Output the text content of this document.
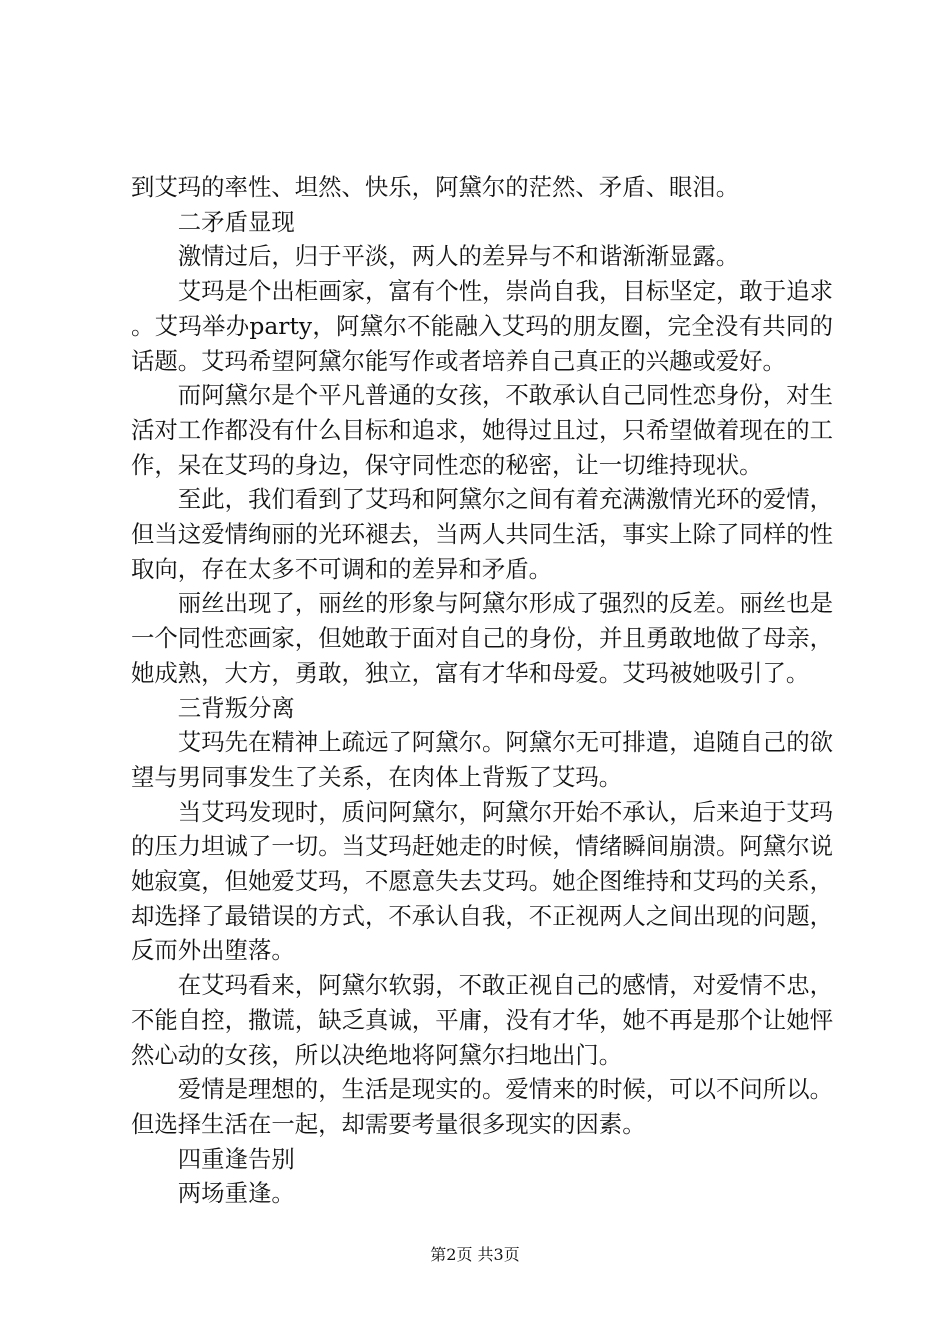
到艾玛的率性、坦然、快乐，阿黛尔的茫然、矛盾、眼泪。

二矛盾显现

激情过后，归于平淡，两人的差异与不和谐渐渐显露。

艾玛是个出柜画家，富有个性，崇尚自我，目标坚定，敢于追求。艾玛举办party，阿黛尔不能融入艾玛的朋友圈，完全没有共同的话题。艾玛希望阿黛尔能写作或者培养自己真正的兴趣或爱好。

而阿黛尔是个平凡普通的女孩，不敢承认自己同性恋身份，对生活对工作都没有什么目标和追求，她得过且过，只希望做着现在的工作，呆在艾玛的身边，保守同性恋的秘密，让一切维持现状。

至此，我们看到了艾玛和阿黛尔之间有着充满激情光环的爱情，但当这爱情绚丽的光环褪去，当两人共同生活，事实上除了同样的性取向，存在太多不可调和的差异和矛盾。

丽丝出现了，丽丝的形象与阿黛尔形成了强烈的反差。丽丝也是一个同性恋画家，但她敢于面对自己的身份，并且勇敢地做了母亲，她成熟，大方，勇敢，独立，富有才华和母爱。艾玛被她吸引了。

三背叛分离

艾玛先在精神上疏远了阿黛尔。阿黛尔无可排遣，追随自己的欲望与男同事发生了关系，在肉体上背叛了艾玛。

当艾玛发现时，质问阿黛尔，阿黛尔开始不承认，后来迫于艾玛的压力坦诚了一切。当艾玛赶她走的时候，情绪瞬间崩溃。阿黛尔说她寂寞，但她爱艾玛，不愿意失去艾玛。她企图维持和艾玛的关系，却选择了最错误的方式，不承认自我，不正视两人之间出现的问题，反而外出堕落。

在艾玛看来，阿黛尔软弱，不敢正视自己的感情，对爱情不忠，不能自控，撒谎，缺乏真诚，平庸，没有才华，她不再是那个让她怦然心动的女孩，所以决绝地将阿黛尔扫地出门。

爱情是理想的，生活是现实的。爱情来的时候，可以不问所以。但选择生活在一起，却需要考量很多现实的因素。

四重逢告别

两场重逢。

第2页 共3页
